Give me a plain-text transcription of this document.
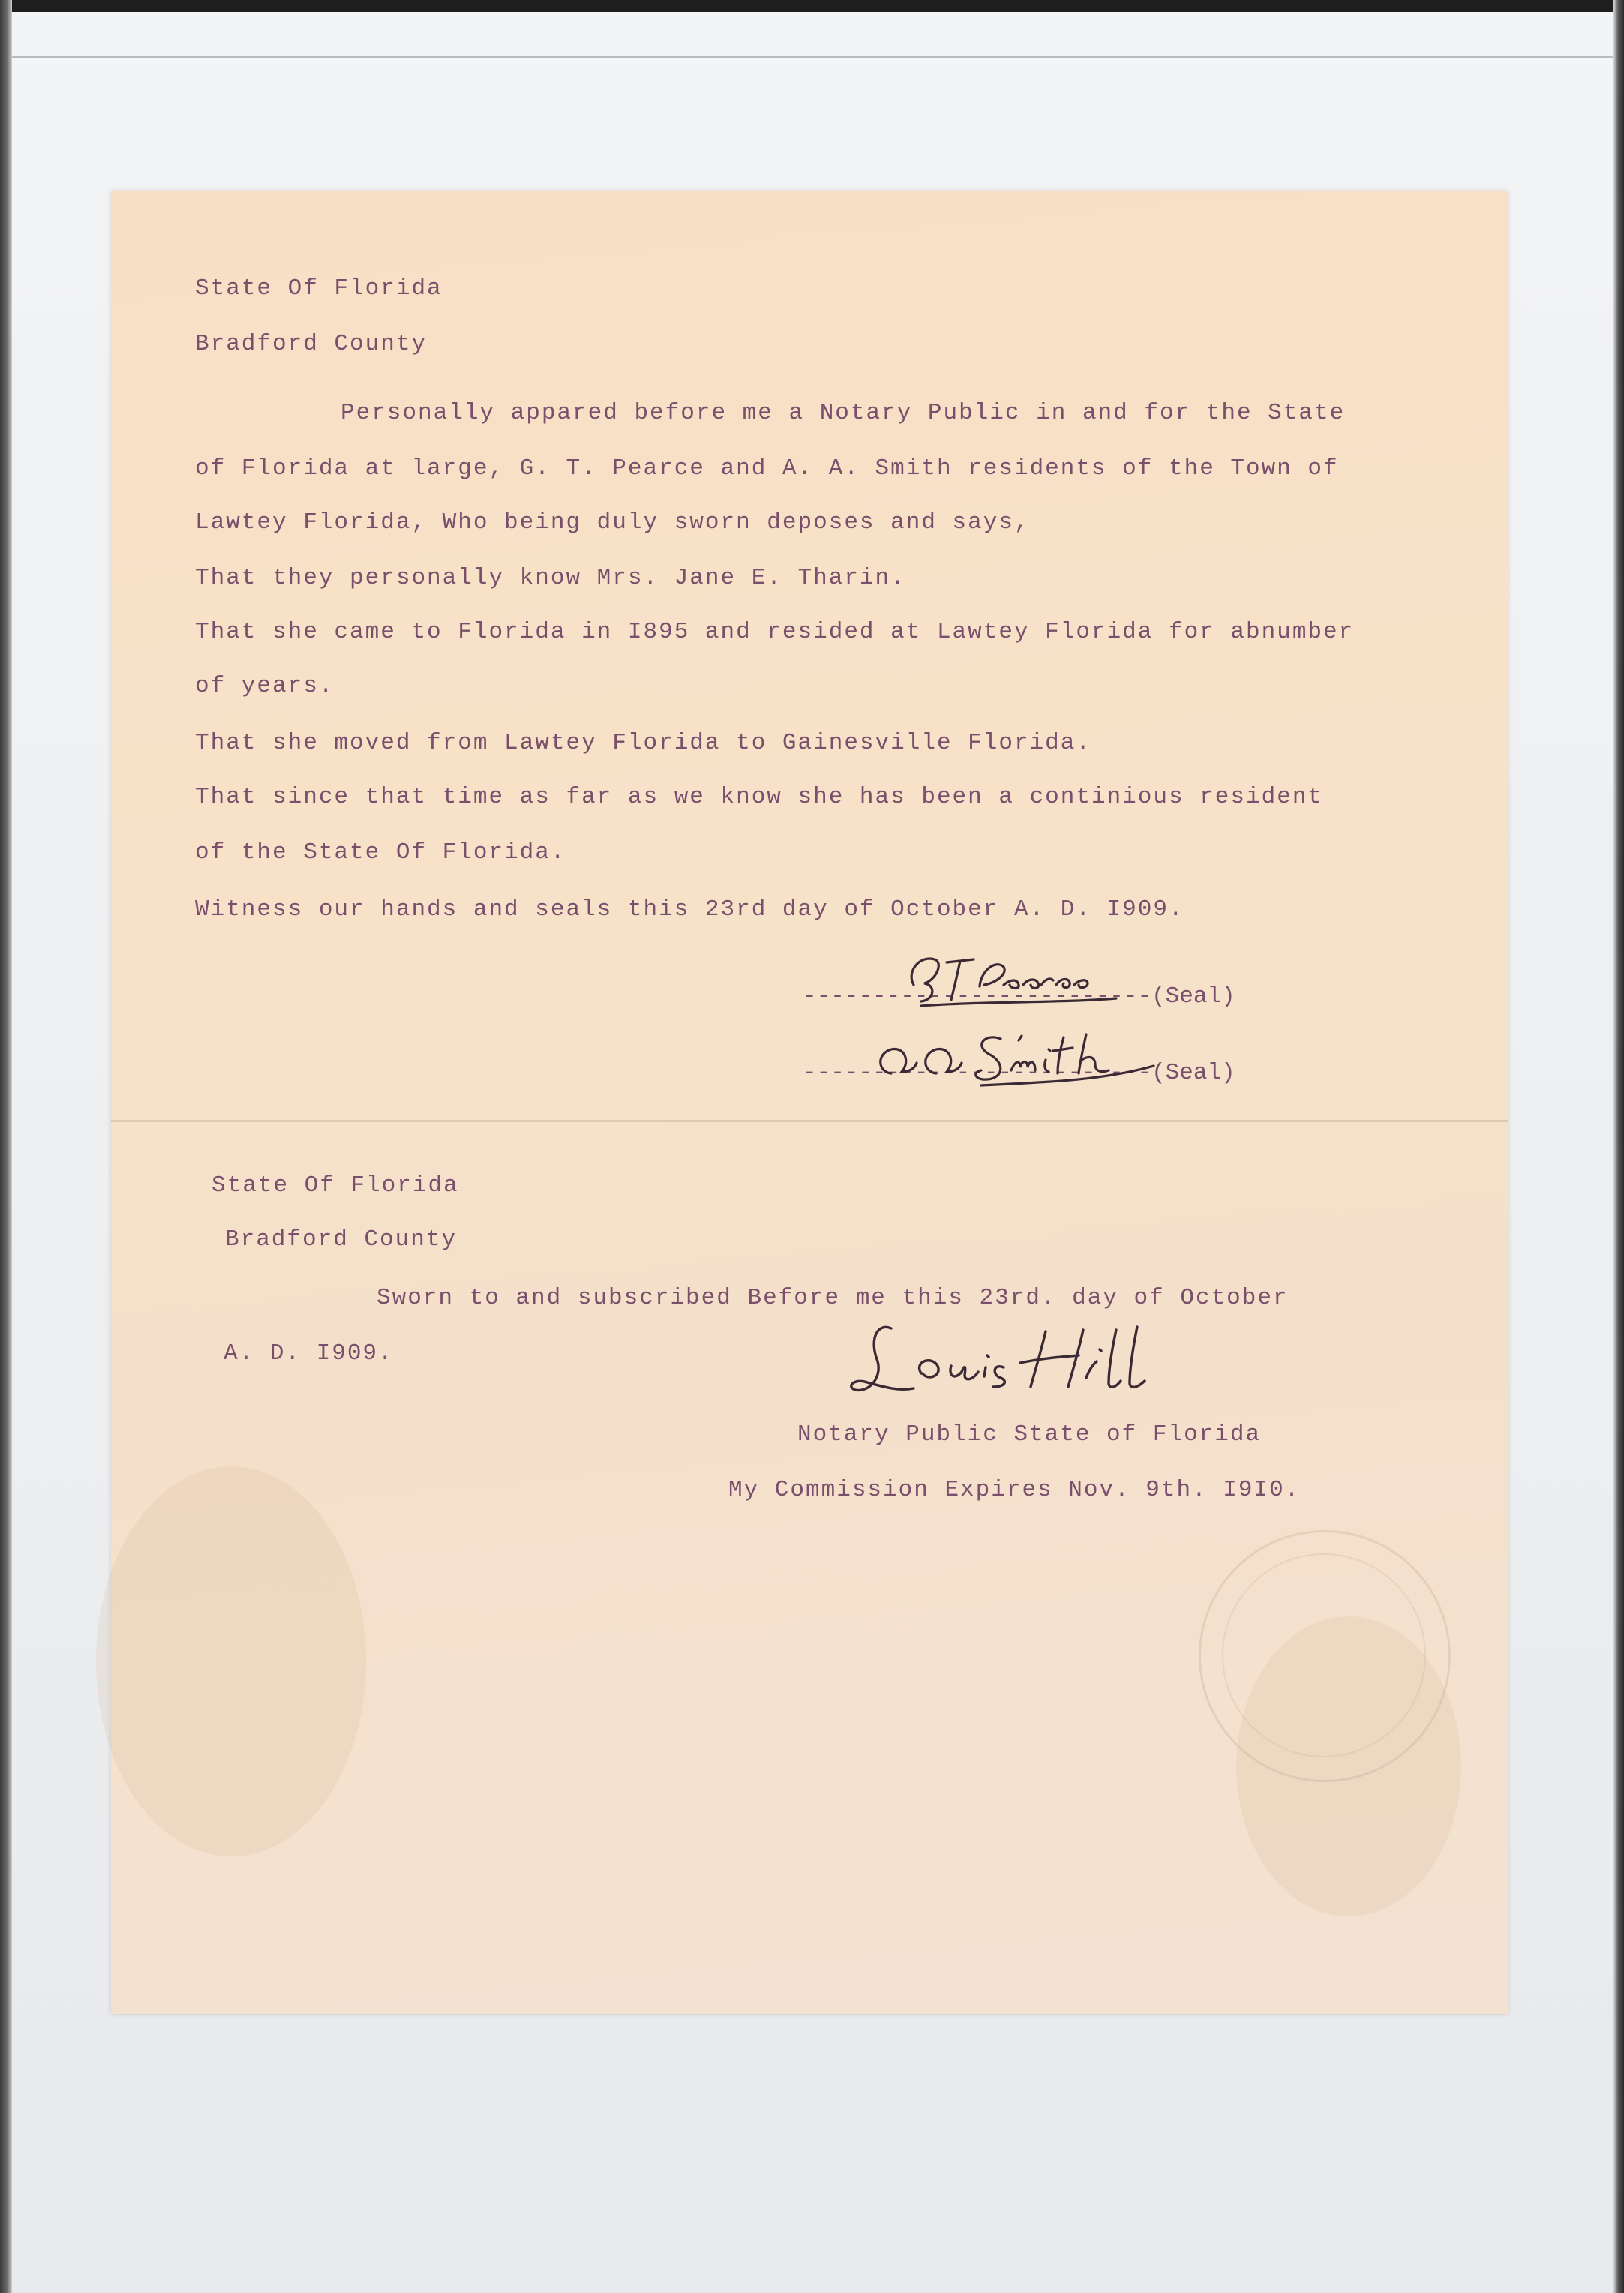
State Of Florida
Bradford County
Personally appared before me a Notary Public in and for the State
of Florida at large, G. T. Pearce and A. A. Smith residents of the Town of
Lawtey Florida, Who being duly sworn deposes and says,
That they personally know Mrs. Jane E. Tharin.
That she came to Florida in I895 and resided at Lawtey Florida for abnumber
of years.
That she moved from Lawtey Florida to Gainesville Florida.
That since that time as far as we know she has been a continious resident
of the State Of Florida.
Witness our hands and seals this 23rd day of October A. D. I909.
-------------------------(Seal)
-------------------------(Seal)
State Of Florida
Bradford County
Sworn to and subscribed Before me this 23rd. day of October
A. D. I909.
Notary Public State of Florida
My Commission Expires Nov. 9th. I9I0.
